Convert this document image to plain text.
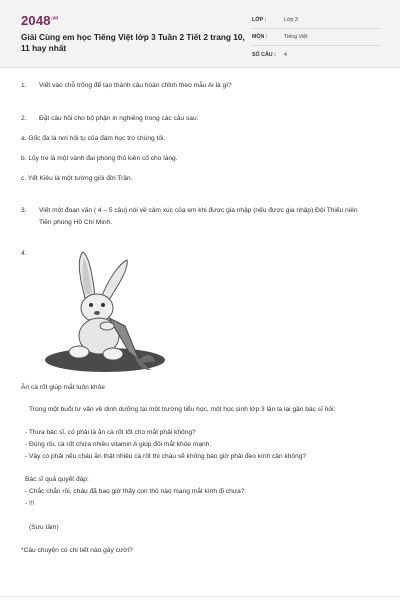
$2048^{.vn}$
Giải Cùng em học Tiếng Việt lớp 3 Tuần 2 Tiết 2 trang 10, 11 hay nhất
LỚP :	Lớp 3
MÔN :	Tiếng Việt
SỐ CÂU :	4
1.	Viết vào chỗ trống để tạo thành câu hoàn chỉnh theo mẫu Ai là gì?
2.	Đặt câu hỏi cho bộ phận in nghiêng trong các câu sau:
a. Gốc đa là nơi hội tụ của đám học trò chúng tôi.
b. Lũy tre là một vành đai phòng thủ kiên cố cho làng.
c. Yết Kiêu là một tướng giỏi đời Trần.
3.	Viết một đoạn văn ( 4 – 5 câu) nói về cảm xúc của em khi được gia nhập (nếu được gia nhập) Đội Thiếu niên Tiền phong Hồ Chí Minh.
4.
Ăn cà rốt giúp mắt luôn khỏe
Trong một buổi tư vấn về dinh dưỡng tại một trường tiểu học, một học sinh lớp 3 lân la lại gần bác sĩ hỏi:
- Thưa bác sĩ, có phải là ăn cà rốt tốt cho mắt phải không?
- Đúng rồi, cà rốt chứa nhiều vitamin A giúp đôi mắt khỏe mạnh.
- Vậy có phải nếu cháu ăn thật nhiều cà rốt thì cháu sẽ không bao giờ phải đeo kính cận không?
Bác sĩ quả quyết đáp:
- Chắc chắn rồi, cháu đã bao giờ thấy con thỏ nào mang mắt kính đi chưa?
- !!!
(Sưu tầm)
*Câu chuyện có chi tiết nào gây cười?
